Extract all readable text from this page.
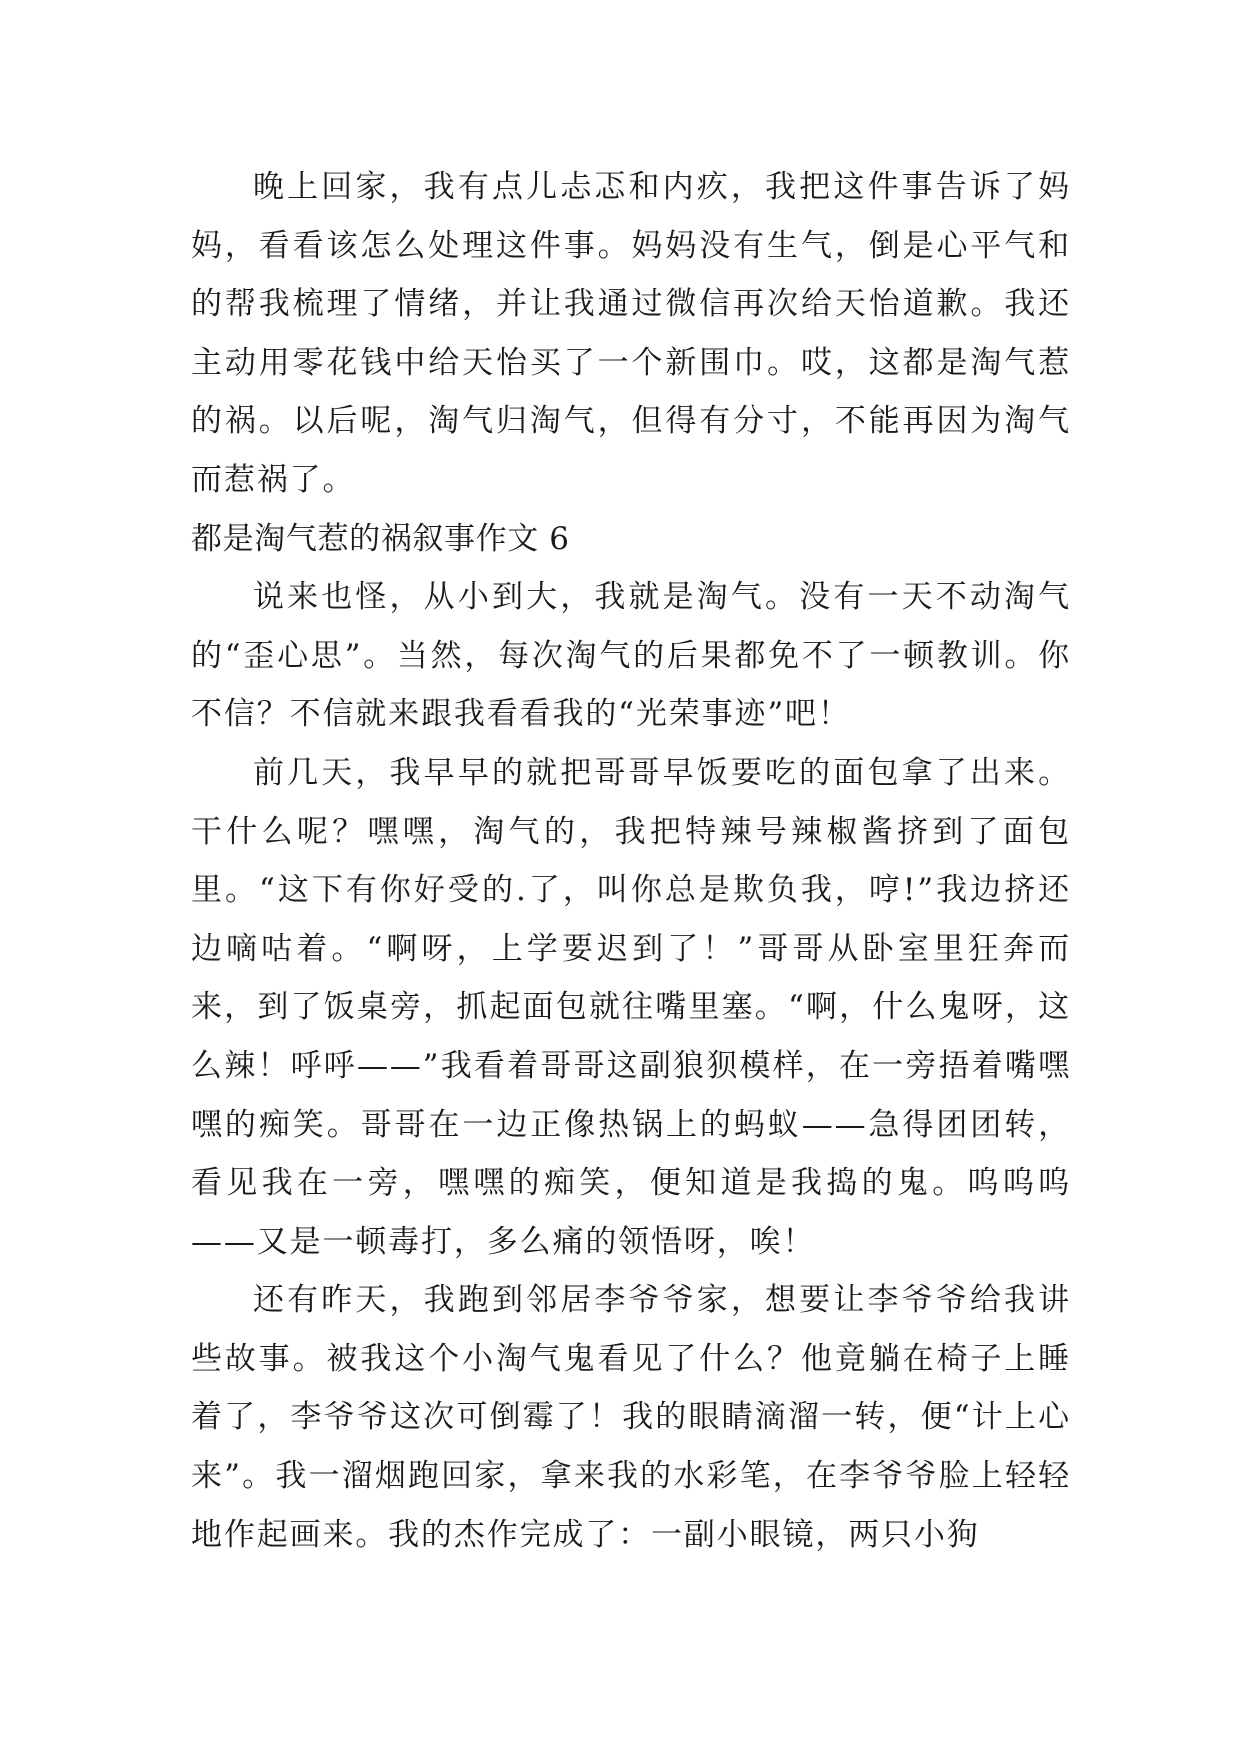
晚上回家，我有点儿忐忑和内疚，我把这件事告诉了妈妈，看看该怎么处理这件事。妈妈没有生气，倒是心平气和的帮我梳理了情绪，并让我通过微信再次给天怡道歉。我还主动用零花钱中给天怡买了一个新围巾。哎，这都是淘气惹的祸。以后呢，淘气归淘气，但得有分寸，不能再因为淘气而惹祸了。

都是淘气惹的祸叙事作文 6

说来也怪，从小到大，我就是淘气。没有一天不动淘气的“歪心思”。当然，每次淘气的后果都免不了一顿教训。你不信？不信就来跟我看看我的“光荣事迹”吧！

前几天，我早早的就把哥哥早饭要吃的面包拿了出来。干什么呢？嘿嘿，淘气的，我把特辣号辣椒酱挤到了面包里。“这下有你好受的.了，叫你总是欺负我，哼!”我边挤还边嘀咕着。“啊呀，上学要迟到了！”哥哥从卧室里狂奔而来，到了饭桌旁，抓起面包就往嘴里塞。“啊，什么鬼呀，这么辣！呼呼——”我看着哥哥这副狼狈模样，在一旁捂着嘴嘿嘿的痴笑。哥哥在一边正像热锅上的蚂蚁——急得团团转，看见我在一旁，嘿嘿的痴笑，便知道是我捣的鬼。呜呜呜——又是一顿毒打，多么痛的领悟呀，唉！

还有昨天，我跑到邻居李爷爷家，想要让李爷爷给我讲些故事。被我这个小淘气鬼看见了什么？他竟躺在椅子上睡着了，李爷爷这次可倒霉了！我的眼睛滴溜一转，便“计上心来”。我一溜烟跑回家，拿来我的水彩笔，在李爷爷脸上轻轻地作起画来。我的杰作完成了：一副小眼镜，两只小狗
